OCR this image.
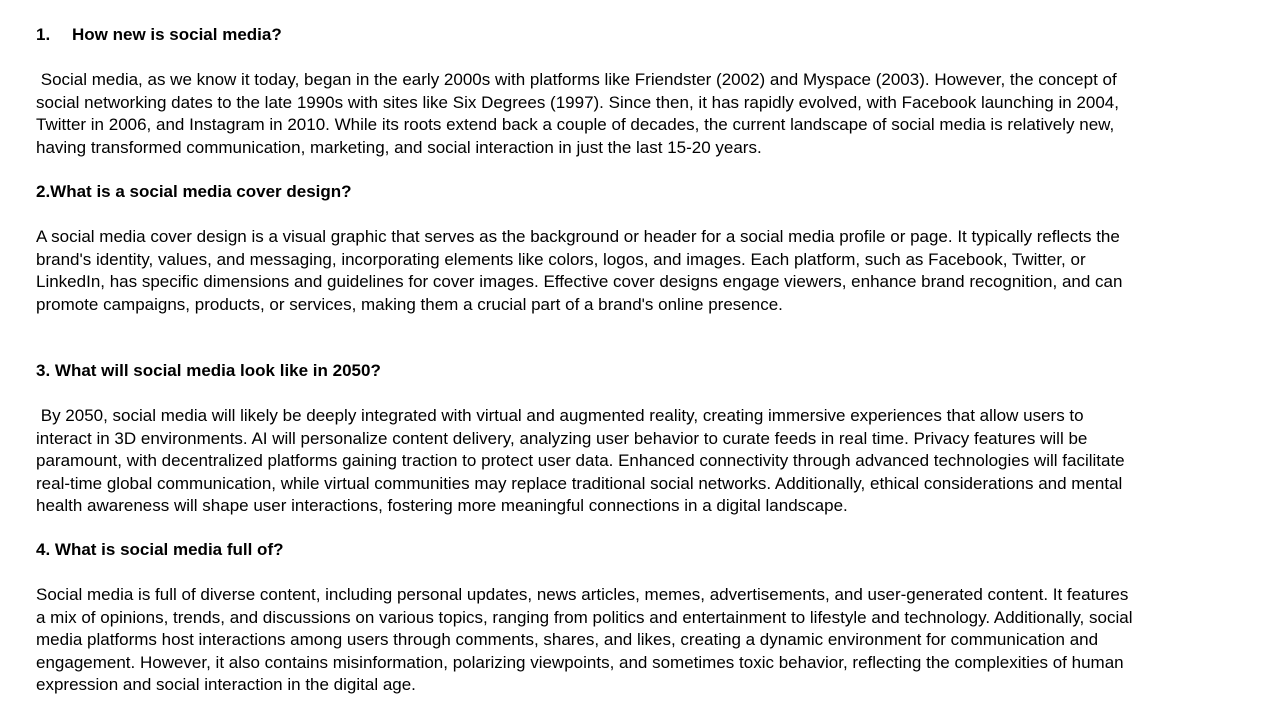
1. How new is social media?
Social media, as we know it today, began in the early 2000s with platforms like Friendster (2002) and Myspace (2003). However, the concept of
social networking dates to the late 1990s with sites like Six Degrees (1997). Since then, it has rapidly evolved, with Facebook launching in 2004,
Twitter in 2006, and Instagram in 2010. While its roots extend back a couple of decades, the current landscape of social media is relatively new,
having transformed communication, marketing, and social interaction in just the last 15-20 years.
2.What is a social media cover design?
A social media cover design is a visual graphic that serves as the background or header for a social media profile or page. It typically reflects the
brand's identity, values, and messaging, incorporating elements like colors, logos, and images. Each platform, such as Facebook, Twitter, or
LinkedIn, has specific dimensions and guidelines for cover images. Effective cover designs engage viewers, enhance brand recognition, and can
promote campaigns, products, or services, making them a crucial part of a brand's online presence.
3. What will social media look like in 2050?
By 2050, social media will likely be deeply integrated with virtual and augmented reality, creating immersive experiences that allow users to
interact in 3D environments. AI will personalize content delivery, analyzing user behavior to curate feeds in real time. Privacy features will be
paramount, with decentralized platforms gaining traction to protect user data. Enhanced connectivity through advanced technologies will facilitate
real-time global communication, while virtual communities may replace traditional social networks. Additionally, ethical considerations and mental
health awareness will shape user interactions, fostering more meaningful connections in a digital landscape.
4. What is social media full of?
Social media is full of diverse content, including personal updates, news articles, memes, advertisements, and user-generated content. It features
a mix of opinions, trends, and discussions on various topics, ranging from politics and entertainment to lifestyle and technology. Additionally, social
media platforms host interactions among users through comments, shares, and likes, creating a dynamic environment for communication and
engagement. However, it also contains misinformation, polarizing viewpoints, and sometimes toxic behavior, reflecting the complexities of human
expression and social interaction in the digital age.
